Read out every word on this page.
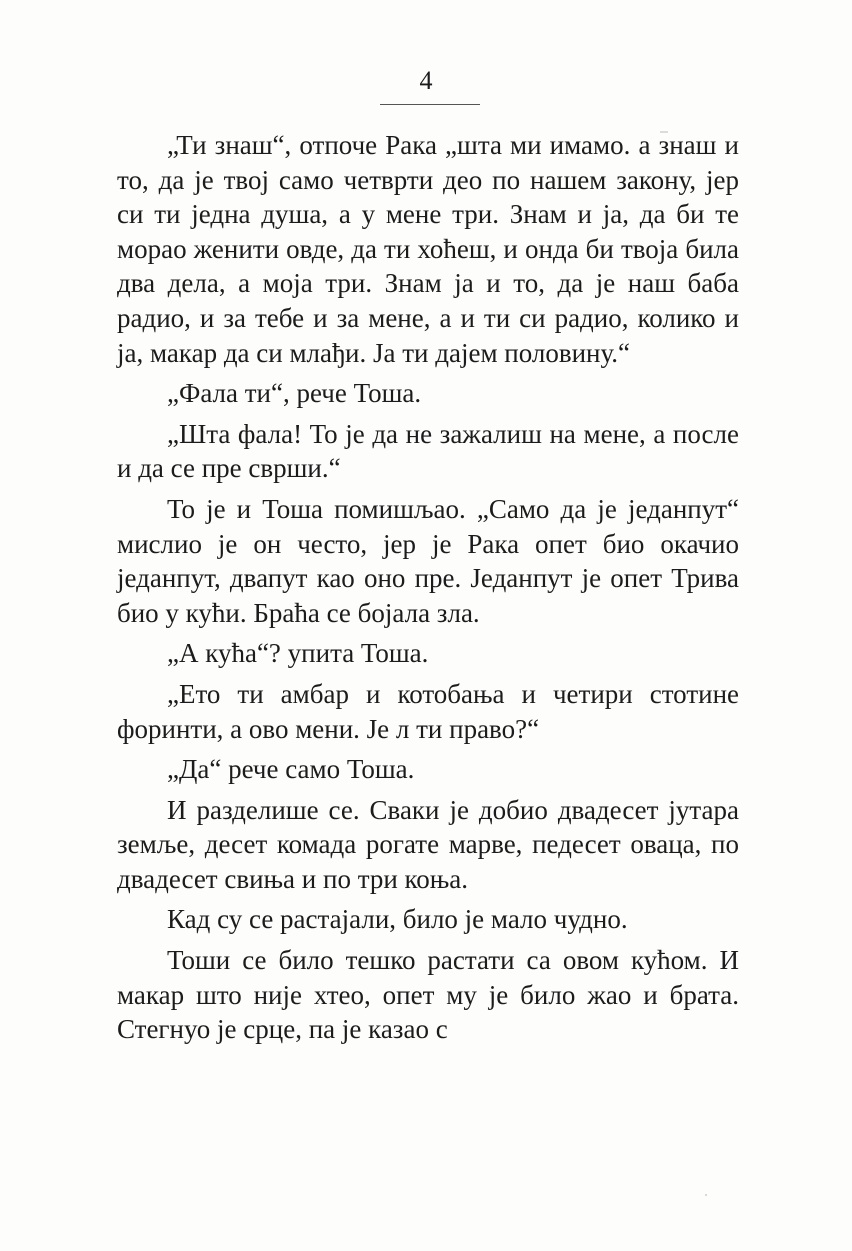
4

„Ти знаш“, отпоче Рака „шта ми имамо. а знаш и то, да је твој само четврти део по нашем закону, јер си ти једна душа, а у мене три. Знам и ја, да би те морао женити овде, да ти хоћеш, и онда би твоја била два дела, а моја три. Знам ја и то, да је наш баба радио, и за тебе и за мене, а и ти си радио, колико и ја, макар да си млађи. Ја ти дајем половину.“

„Фала ти“, рече Тоша.

„Шта фала! То је да не зажалиш на мене, а после и да се пре сврши.“

То је и Тоша помишљао. „Само да је једанпут“ мислио је он често, јер је Рака опет био окачио једанпут, двапут као оно пре. Једанпут је опет Трива био у кући. Браћа се бојала зла.

„А кућа“? упита Тоша.

„Ето ти амбар и котобања и четири стотине форинти, а ово мени. Је л ти право?“

„Да“ рече само Тоша.

И разделише се. Сваки је добио двадесет јутара земље, десет комада рогате марве, педесет оваца, по двадесет свиња и по три коња.

Кад су се растајали, било је мало чудно.

Тоши се било тешко растати са овом кућом. И макар што није хтео, опет му је било жао и брата. Стегнуо је срце, па је казао с
